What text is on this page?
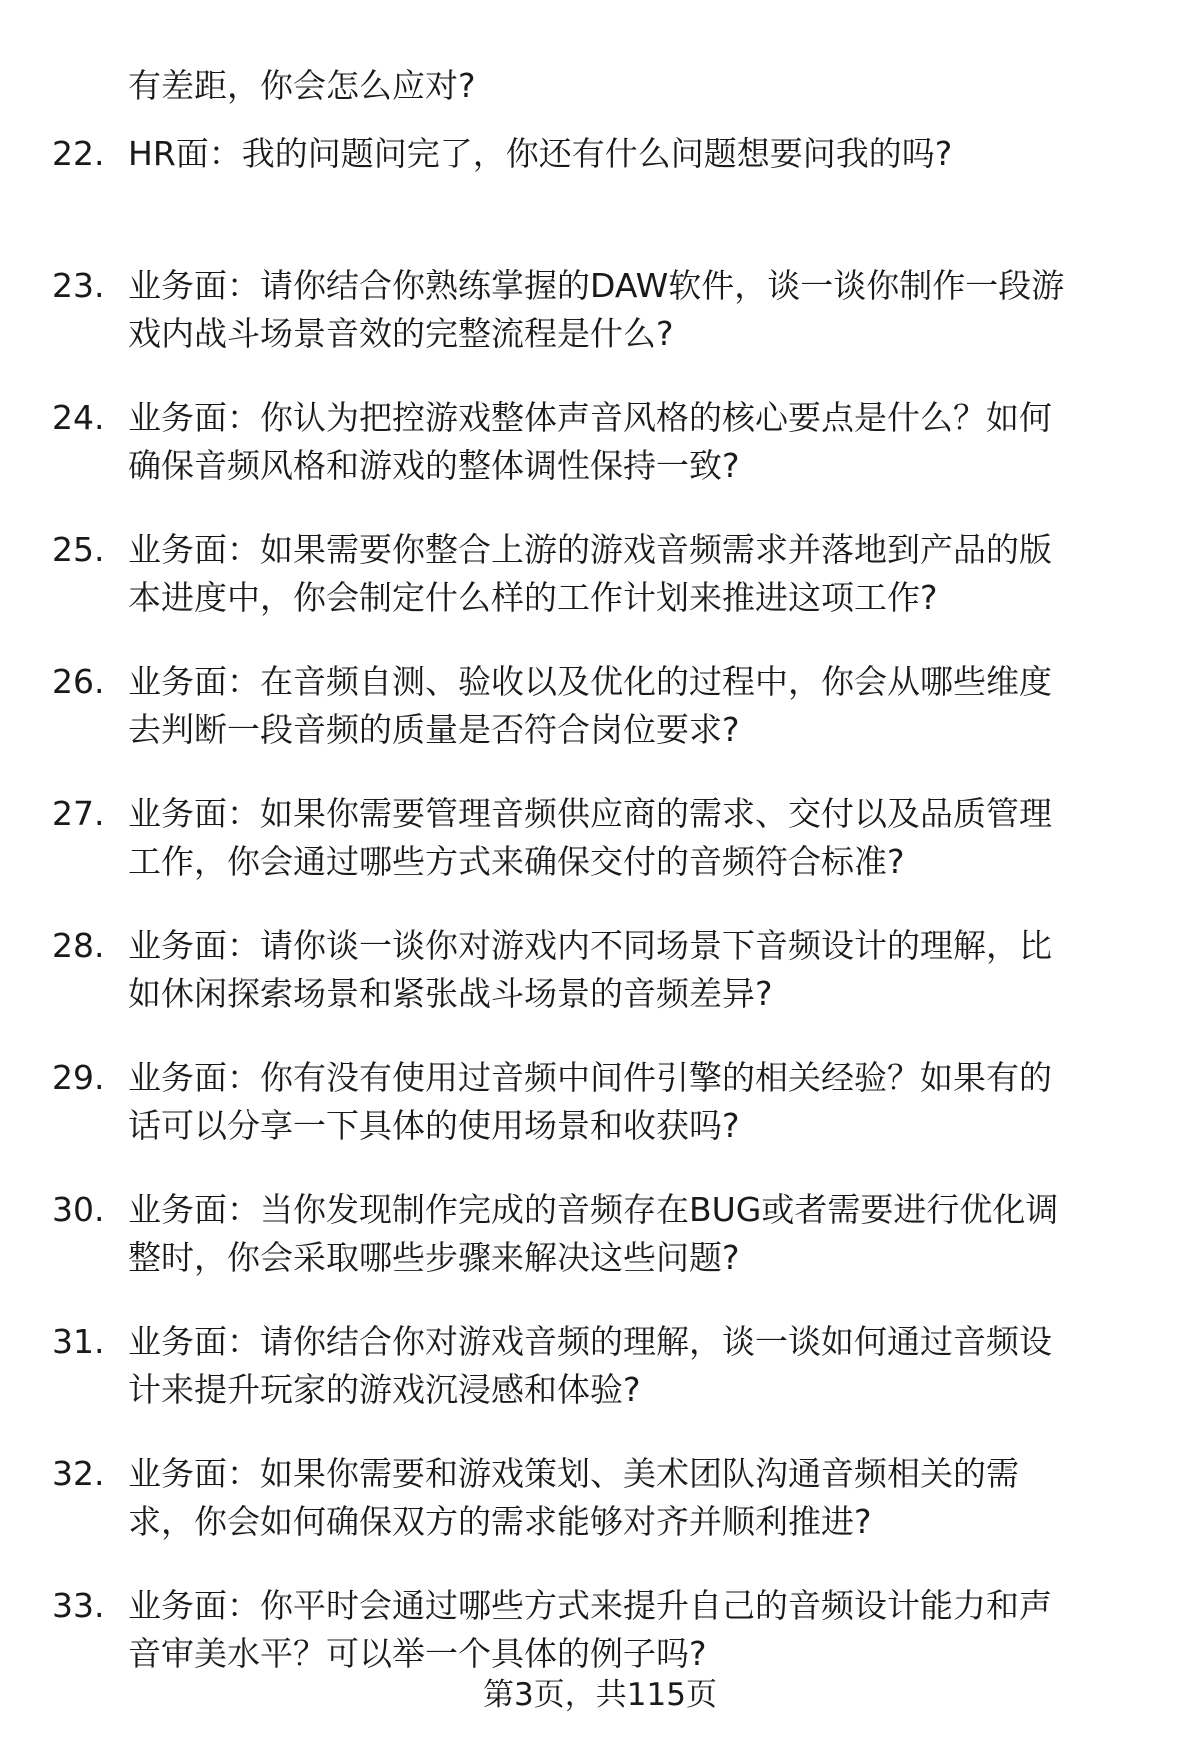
有差距，你会怎么应对?
22. HR面：我的问题问完了，你还有什么问题想要问我的吗?
23. 业务面：请你结合你熟练掌握的DAW软件，谈一谈你制作一段游
戏内战斗场景音效的完整流程是什么?
24. 业务面：你认为把控游戏整体声音风格的核心要点是什么？如何
确保音频风格和游戏的整体调性保持一致?
25. 业务面：如果需要你整合上游的游戏音频需求并落地到产品的版
本进度中，你会制定什么样的工作计划来推进这项工作?
26. 业务面：在音频自测、验收以及优化的过程中，你会从哪些维度
去判断一段音频的质量是否符合岗位要求?
27. 业务面：如果你需要管理音频供应商的需求、交付以及品质管理
工作，你会通过哪些方式来确保交付的音频符合标准?
28. 业务面：请你谈一谈你对游戏内不同场景下音频设计的理解，比
如休闲探索场景和紧张战斗场景的音频差异?
29. 业务面：你有没有使用过音频中间件引擎的相关经验？如果有的
话可以分享一下具体的使用场景和收获吗?
30. 业务面：当你发现制作完成的音频存在BUG或者需要进行优化调
整时，你会采取哪些步骤来解决这些问题?
31. 业务面：请你结合你对游戏音频的理解，谈一谈如何通过音频设
计来提升玩家的游戏沉浸感和体验?
32. 业务面：如果你需要和游戏策划、美术团队沟通音频相关的需
求，你会如何确保双方的需求能够对齐并顺利推进?
33. 业务面：你平时会通过哪些方式来提升自己的音频设计能力和声
音审美水平？可以举一个具体的例子吗?
第3页，共115页
